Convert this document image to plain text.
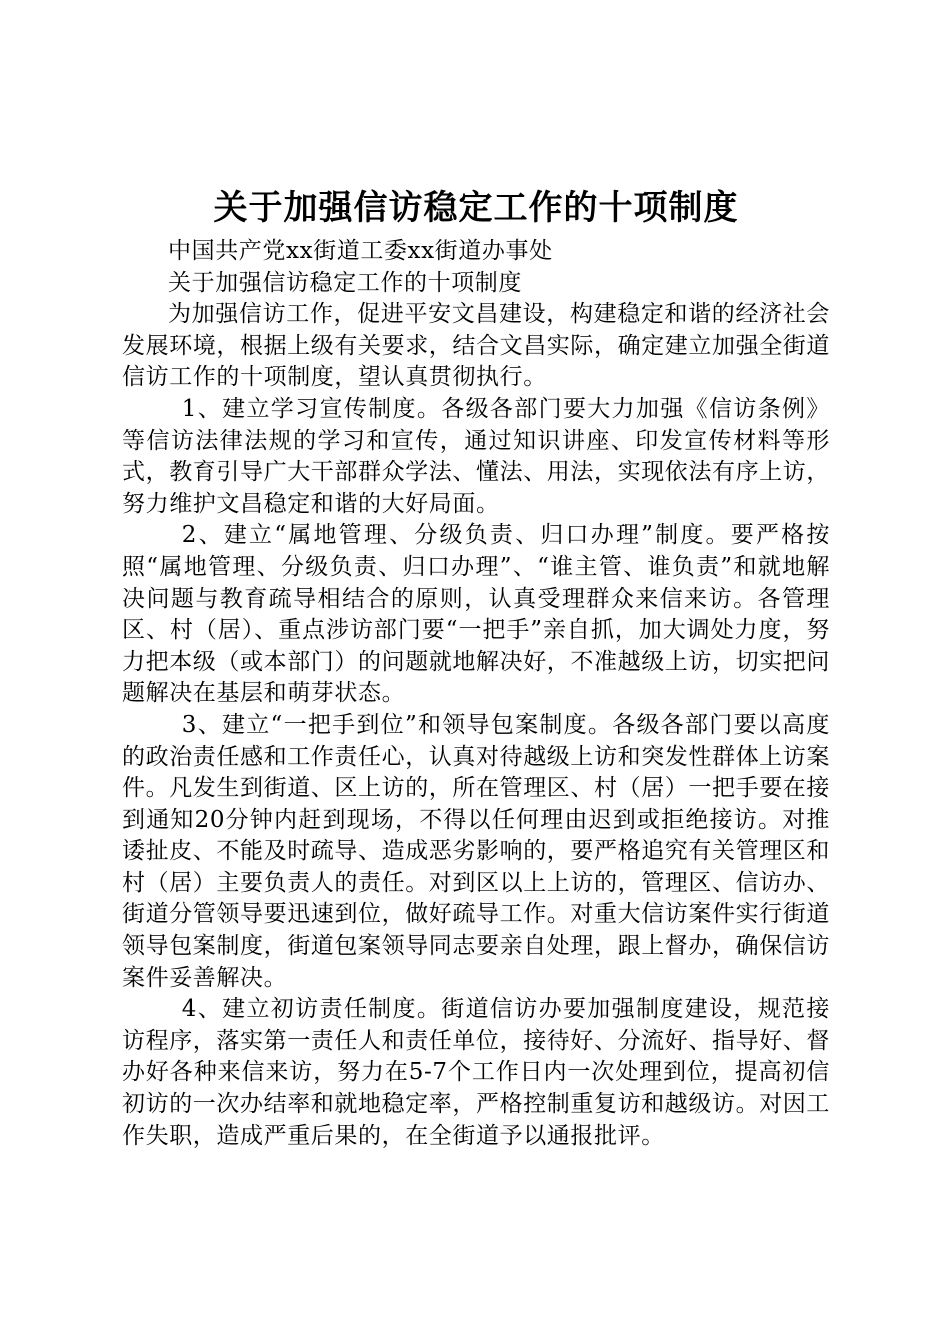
关于加强信访稳定工作的十项制度

中国共产党xx街道工委xx街道办事处

关于加强信访稳定工作的十项制度

为加强信访工作，促进平安文昌建设，构建稳定和谐的经济社会发展环境，根据上级有关要求，结合文昌实际，确定建立加强全街道信访工作的十项制度，望认真贯彻执行。

1、建立学习宣传制度。各级各部门要大力加强《信访条例》等信访法律法规的学习和宣传，通过知识讲座、印发宣传材料等形式，教育引导广大干部群众学法、懂法、用法，实现依法有序上访，努力维护文昌稳定和谐的大好局面。

2、建立“属地管理、分级负责、归口办理”制度。要严格按照“属地管理、分级负责、归口办理”、“谁主管、谁负责”和就地解决问题与教育疏导相结合的原则，认真受理群众来信来访。各管理区、村（居）、重点涉访部门要“一把手”亲自抓，加大调处力度，努力把本级（或本部门）的问题就地解决好，不准越级上访，切实把问题解决在基层和萌芽状态。

3、建立“一把手到位”和领导包案制度。各级各部门要以高度的政治责任感和工作责任心，认真对待越级上访和突发性群体上访案件。凡发生到街道、区上访的，所在管理区、村（居）一把手要在接到通知20分钟内赶到现场，不得以任何理由迟到或拒绝接访。对推诿扯皮、不能及时疏导、造成恶劣影响的，要严格追究有关管理区和村（居）主要负责人的责任。对到区以上上访的，管理区、信访办、街道分管领导要迅速到位，做好疏导工作。对重大信访案件实行街道领导包案制度，街道包案领导同志要亲自处理，跟上督办，确保信访案件妥善解决。

4、建立初访责任制度。街道信访办要加强制度建设，规范接访程序，落实第一责任人和责任单位，接待好、分流好、指导好、督办好各种来信来访，努力在5-7个工作日内一次处理到位，提高初信初访的一次办结率和就地稳定率，严格控制重复访和越级访。对因工作失职，造成严重后果的，在全街道予以通报批评。
